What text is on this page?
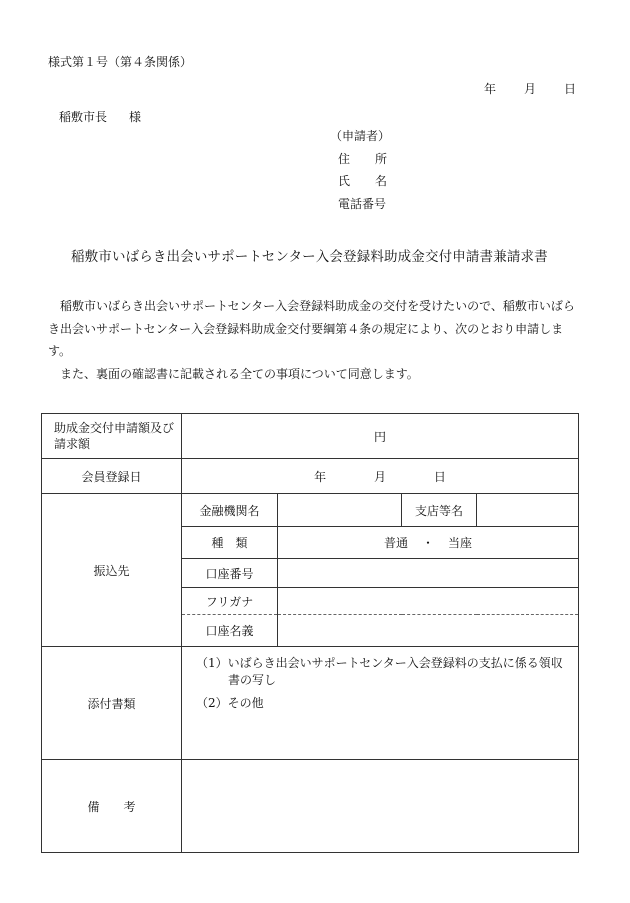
様式第１号（第４条関係）
年 月 日
稲敷市長 様
（申請者）
住　所
氏　名
電話番号
稲敷市いばらき出会いサポートセンター入会登録料助成金交付申請書兼請求書

稲敷市いばらき出会いサポートセンター入会登録料助成金の交付を受けたいので、稲敷市いばらき出会いサポートセンター入会登録料助成金交付要綱第４条の規定により、次のとおり申請します。

また、裏面の確認書に記載される全ての事項について同意します。

助成金交付申請額及び請求額	円			
会員登録日	年 月 日			
振込先	金融機関名		支店等名	
	種　類	普通 ・ 当座		
	口座番号			
	フリガナ			
	口座名義			
添付書類	（1）いばらき出会いサポートセンター入会登録料の支払に係る領収書の写し
（2）その他			

備 考				
